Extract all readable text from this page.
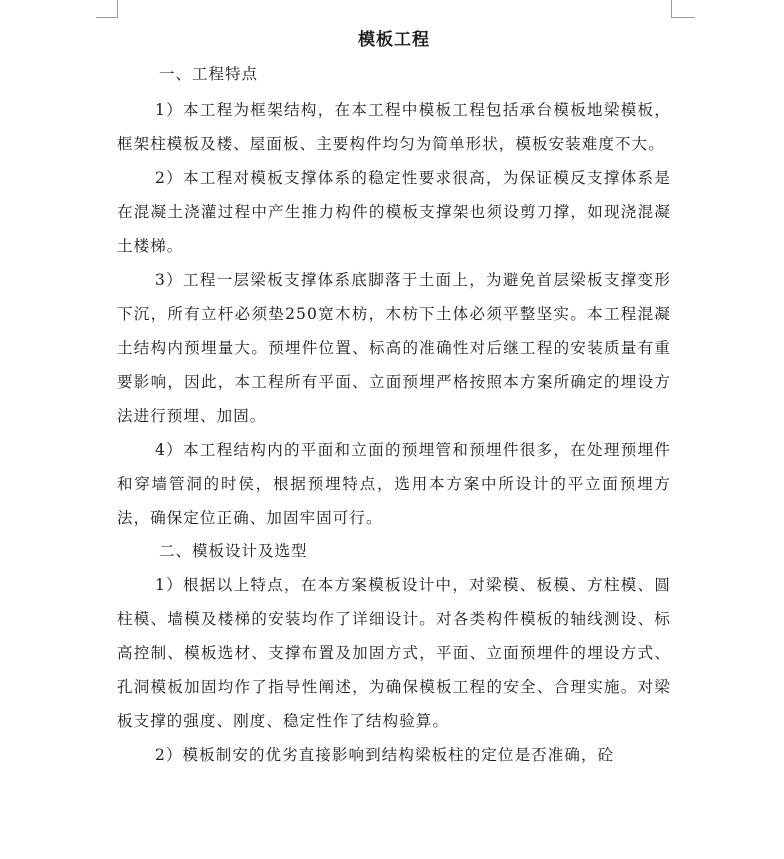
模板工程

一、工程特点

1）本工程为框架结构，在本工程中模板工程包括承台模板地梁模板，框架柱模板及楼、屋面板、主要构件均匀为简单形状，模板安装难度不大。

2）本工程对模板支撑体系的稳定性要求很高，为保证模反支撑体系是在混凝土浇灌过程中产生推力构件的模板支撑架也须设剪刀撑，如现浇混凝土楼梯。

3）工程一层梁板支撑体系底脚落于土面上，为避免首层梁板支撑变形下沉，所有立杆必须垫250宽木枋，木枋下土体必须平整坚实。本工程混凝土结构内预埋量大。预埋件位置、标高的准确性对后继工程的安装质量有重要影响，因此，本工程所有平面、立面预埋严格按照本方案所确定的埋设方法进行预埋、加固。

4）本工程结构内的平面和立面的预埋管和预埋件很多，在处理预埋件和穿墙管洞的时侯，根据预埋特点，选用本方案中所设计的平立面预埋方法，确保定位正确、加固牢固可行。

二、模板设计及选型

1）根据以上特点，在本方案模板设计中，对梁模、板模、方柱模、圆柱模、墙模及楼梯的安装均作了详细设计。对各类构件模板的轴线测设、标高控制、模板选材、支撑布置及加固方式，平面、立面预埋件的埋设方式、孔洞模板加固均作了指导性阐述，为确保模板工程的安全、合理实施。对梁板支撑的强度、刚度、稳定性作了结构验算。

2）模板制安的优劣直接影响到结构梁板柱的定位是否准确，砼
